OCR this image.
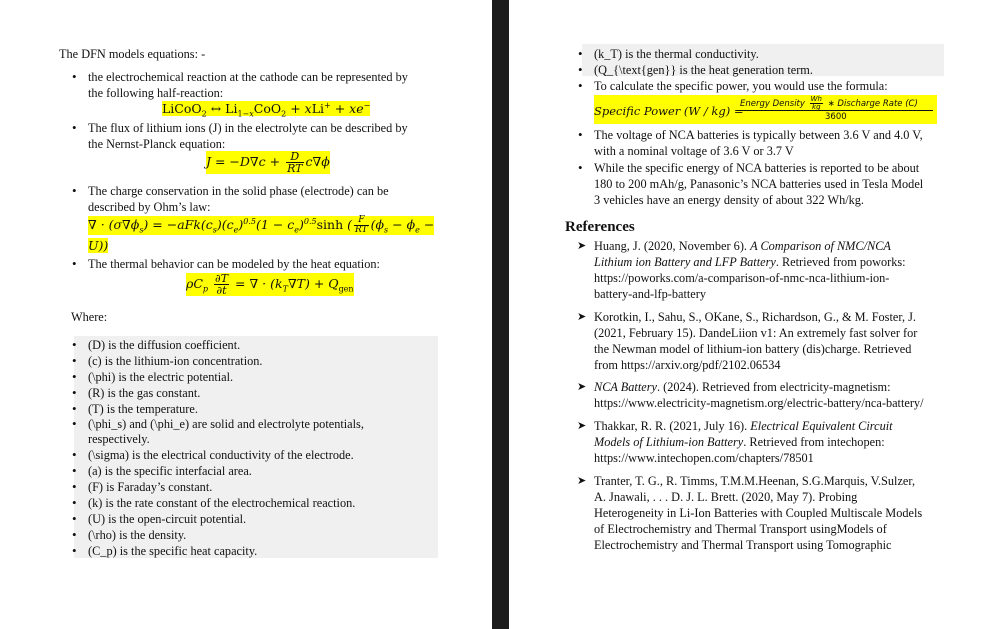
The DFN models equations: -
• the electrochemical reaction at the cathode can be represented by
the following half-reaction:
LiCoO$_2$ ↔ $Li_{1-x}CoO_2 + xLi^+ + xe^-$
• The flux of lithium ions (J) in the electrolyte can be described by
the Nernst-Planck equation:
$J = -D\nabla c + \frac{D}{RT} c\nabla\phi$
• The charge conservation in the solid phase (electrode) can be
described by Ohm’s law:
∇ · $(\sigma\nabla\phi_s) = -aFk(c_s)(c_e)^{0.5}(1 - c_e)^{0.5}\sinh$ ( $\frac{F}{RT} (\phi_s - \phi_e$ −
U))
• The thermal behavior can be modeled by the heat equation:
$\rho C_p \frac{\partial T}{\partial t}$ = ∇ · $(k_T\nabla T) + Q_{gen}$
Where:
• (D) is the diffusion coefficient.
• (c) is the lithium-ion concentration.
• (\phi) is the electric potential.
• (R) is the gas constant.
• (T) is the temperature.
• (\phi_s) and (\phi_e) are solid and electrolyte potentials,
respectively.
• (\sigma) is the electrical conductivity of the electrode.
• (a) is the specific interfacial area.
• (F) is Faraday’s constant.
• (k) is the rate constant of the electrochemical reaction.
• (U) is the open-circuit potential.
• (\rho) is the density.
• (C_p) is the specific heat capacity.
• (k_T) is the thermal conductivity.
• (Q_{\text{gen}} is the heat generation term.
• To calculate the specific power, you would use the formula:
Specific Power (W / kg) =
Energy Density $\frac{Wh}{kg}$ ∗ Discharge Rate (C)
3600
• The voltage of NCA batteries is typically between 3.6 V and 4.0 V,
with a nominal voltage of 3.6 V or 3.7 V
• While the specific energy of NCA batteries is reported to be about
180 to 200 mAh/g, Panasonic’s NCA batteries used in Tesla Model
3 vehicles have an energy density of about 322 Wh/kg.
References
➤ Huang, J. (2020, November 6). A Comparison of NMC/NCA
Lithium ion Battery and LFP Battery. Retrieved from poworks:
https://poworks.com/a-comparison-of-nmc-nca-lithium-ion-
battery-and-lfp-battery
➤ Korotkin, I., Sahu, S., OKane, S., Richardson, G., & M. Foster, J.
(2021, February 15). DandeLiion v1: An extremely fast solver for
the Newman model of lithium-ion battery (dis)charge. Retrieved
from https://arxiv.org/pdf/2102.06534
➤ NCA Battery. (2024). Retrieved from electricity-magnetism:
https://www.electricity-magnetism.org/electric-battery/nca-battery/
➤ Thakkar, R. R. (2021, July 16). Electrical Equivalent Circuit
Models of Lithium-ion Battery. Retrieved from intechopen:
https://www.intechopen.com/chapters/78501
➤ Tranter, T. G., R. Timms, T.M.M.Heenan, S.G.Marquis, V.Sulzer,
A. Jnawali, . . . D. J. L. Brett. (2020, May 7). Probing
Heterogeneity in Li-Ion Batteries with Coupled Multiscale Models
of Electrochemistry and Thermal Transport usingModels of
Electrochemistry and Thermal Transport using Tomographic
